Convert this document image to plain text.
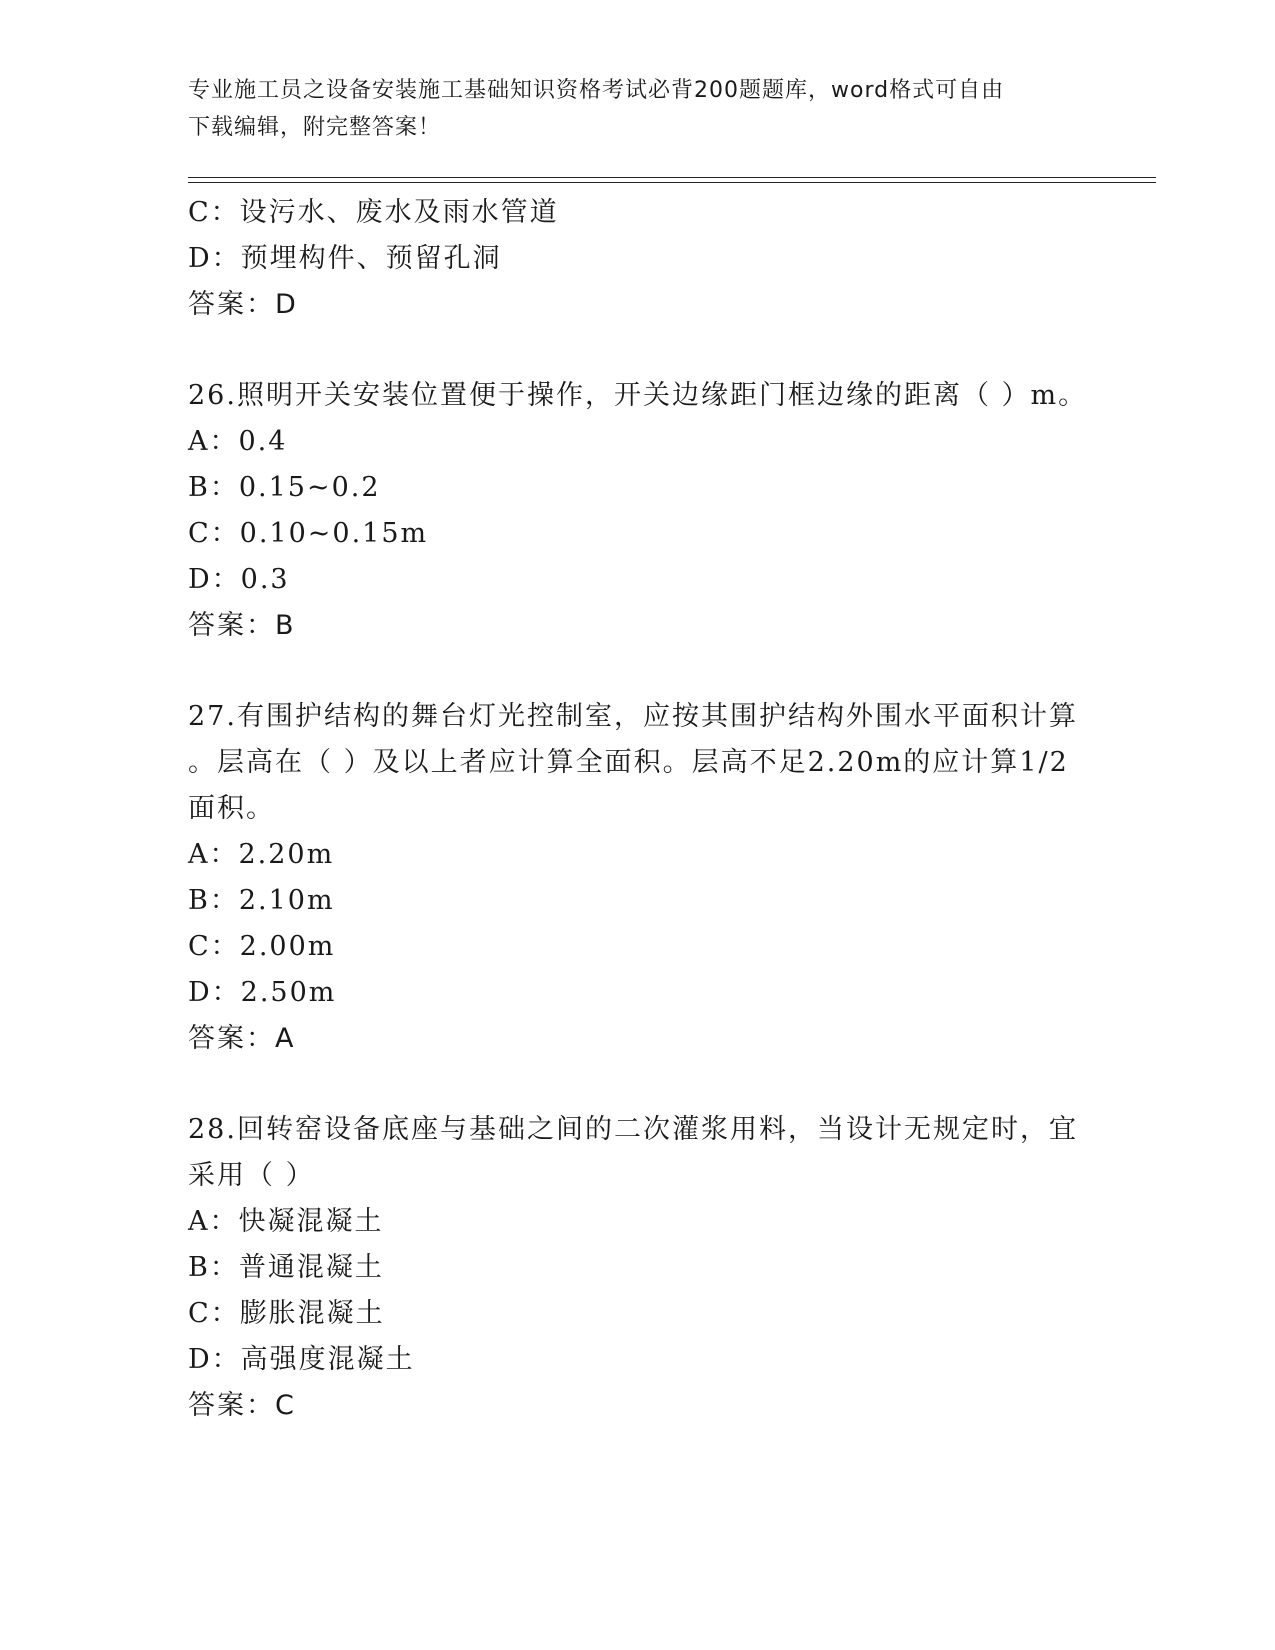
专业施工员之设备安装施工基础知识资格考试必背200题题库，word格式可自由
下载编辑，附完整答案！
C：设污水、废水及雨水管道
D：预埋构件、预留孔洞
答案：D
26.照明开关安装位置便于操作，开关边缘距门框边缘的距离（ ）m。
A：0.4
B：0.15~0.2
C：0.10~0.15m
D：0.3
答案：B
27.有围护结构的舞台灯光控制室，应按其围护结构外围水平面积计算
。层高在（ ）及以上者应计算全面积。层高不足2.20m的应计算1/2
面积。
A：2.20m
B：2.10m
C：2.00m
D：2.50m
答案：A
28.回转窑设备底座与基础之间的二次灌浆用料，当设计无规定时，宜
采用（ ）
A：快凝混凝土
B：普通混凝土
C：膨胀混凝土
D：高强度混凝土
答案：C
